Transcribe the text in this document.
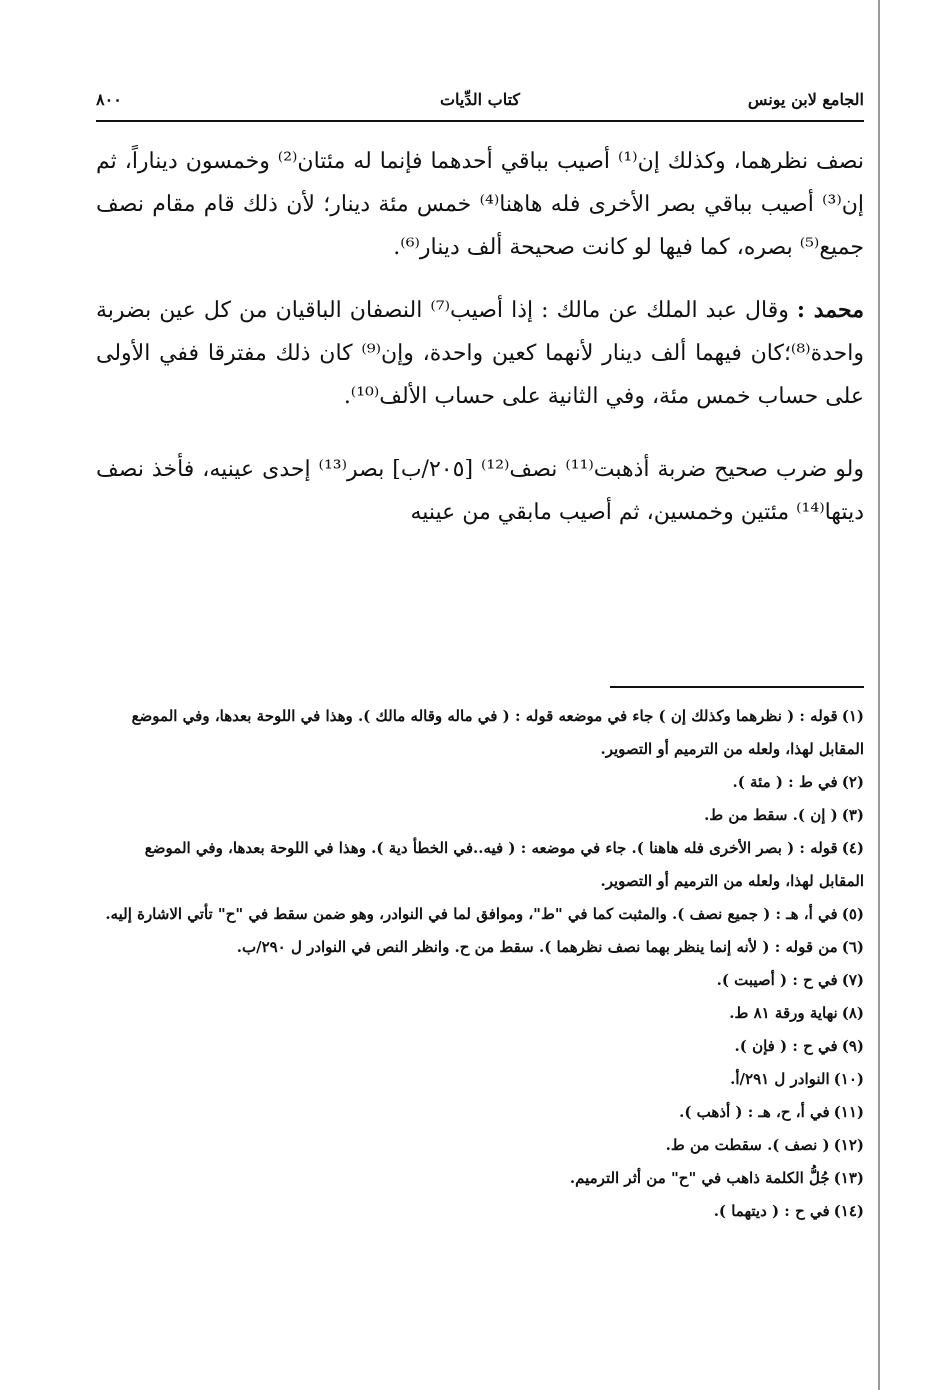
الجامع لابن يونس
كتاب الدِّيات
٨٠٠

نصف نظرهما، وكذلك إن⁽¹⁾ أصيب بباقي أحدهما فإنما له مئتان⁽²⁾ وخمسون ديناراً، ثم إن⁽³⁾ أصيب بباقي بصر الأخرى فله هاهنا⁽⁴⁾ خمس مئة دينار؛ لأن ذلك قام مقام نصف جميع⁽⁵⁾ بصره، كما فيها لو كانت صحيحة ألف دينار⁽⁶⁾.

محمد : وقال عبد الملك عن مالك : إذا أصيب⁽⁷⁾ النصفان الباقيان من كل عين بضربة واحدة⁽⁸⁾؛كان فيهما ألف دينار لأنهما كعين واحدة، وإن⁽⁹⁾ كان ذلك مفترقا ففي الأولى على حساب خمس مئة، وفي الثانية على حساب الألف⁽¹⁰⁾.

ولو ضرب صحيح ضربة أذهبت⁽¹¹⁾ نصف⁽¹²⁾ [٢٠٥/ب] بصر⁽¹³⁾ إحدى عينيه، فأخذ نصف ديتها⁽¹⁴⁾ مئتين وخمسين، ثم أصيب مابقي من عينيه

(١)قوله : ( نظرهما وكذلك إن ) جاء في موضعه قوله : ( في ماله وقاله مالك ). وهذا في اللوحة بعدها، وفي الموضع المقابل لهذا، ولعله من الترميم أو التصوير.

(٢)في ط : ( مئة ).

(٣)( إن ). سقط من ط.

(٤)قوله : ( بصر الأخرى فله هاهنا ). جاء في موضعه : ( فيه..في الخطأ دية ). وهذا في اللوحة بعدها، وفي الموضع المقابل لهذا، ولعله من الترميم أو التصوير.

(٥)في أ، هـ : ( جميع نصف ). والمثبت كما في "ط"، وموافق لما في النوادر، وهو ضمن سقط في "ح" تأتي الاشارة إليه.

(٦)من قوله : ( لأنه إنما ينظر بهما نصف نظرهما ). سقط من ح. وانظر النص في النوادر ل ٢٩٠/ب.

(٧)في ح : ( أصيبت ).

(٨)نهاية ورقة ٨١ ط.

(٩)في ح : ( فإن ).

(١٠)النوادر ل ٢٩١/أ.

(١١)في أ، ح، هـ : ( أذهب ).

(١٢)( نصف ). سقطت من ط.

(١٣)جُلُّ الكلمة ذاهب في "ح" من أثر الترميم.

(١٤)في ح : ( ديتهما ).
